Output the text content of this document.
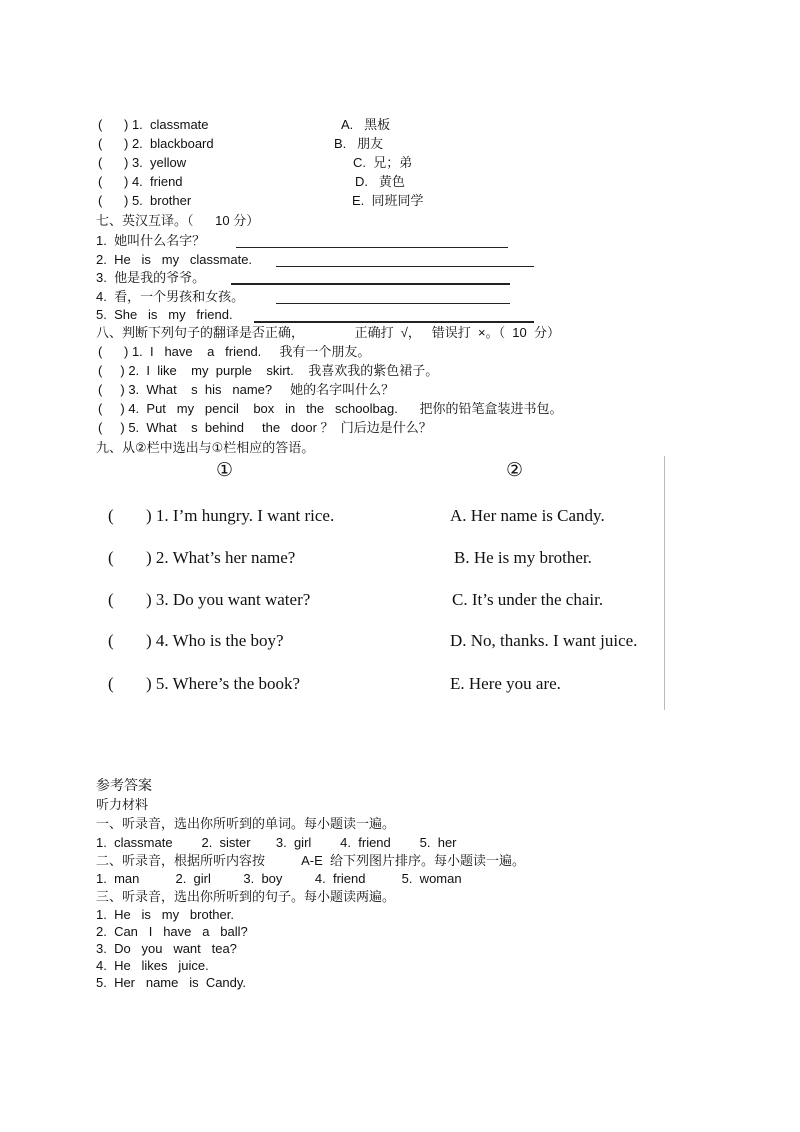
(      ) 1.  classmate	A.   黑板
(      ) 2.  blackboard	B.   朋友
(      ) 3.  yellow	C.  兄；弟
(      ) 4.  friend	D.   黄色
(      ) 5.  brother	E.  同班同学
七、英汉互译。（      10 分）
1.  她叫什么名字？
2.  He   is   my   classmate.
3.  他是我的爷爷。
4.  看，一个男孩和女孩。
5.  She   is   my   friend.
八、判断下列句子的翻译是否正确，              正确打  √，   错误打  ×。（  10  分）
(      ) 1.  I   have    a   friend.     我有一个朋友。
(     ) 2.  I  like    my  purple    skirt.    我喜欢我的紫色裙子。
(     ) 3.  What    s  his   name?     她的名字叫什么？
(     ) 4.  Put   my   pencil    box   in   the   schoolbag.      把你的铅笔盒装进书包。
(     ) 5.  What    s  behind     the   door ？  门后边是什么？
九、从②栏中选出与①栏相应的答语。
①	②
( ) 1. I’m hungry. I want rice.	A. Her name is Candy.
( ) 2. What’s her name?	B. He is my brother.
( ) 3. Do you want water?	C. It’s under the chair.
( ) 4. Who is the boy?	D. No, thanks. I want juice.
( ) 5. Where’s the book?	E. Here you are.
参考答案
听力材料
一、听录音，选出你所听到的单词。每小题读一遍。
1.  classmate        2.  sister       3.  girl        4.  friend        5.  her
二、听录音，根据所听内容按          A-E  给下列图片排序。每小题读一遍。
1.  man          2.  girl         3.  boy         4.  friend          5.  woman
三、听录音，选出你所听到的句子。每小题读两遍。
1.  He   is   my   brother.
2.  Can   I   have   a   ball?
3.  Do   you   want   tea?
4.  He   likes   juice.
5.  Her   name   is  Candy.
